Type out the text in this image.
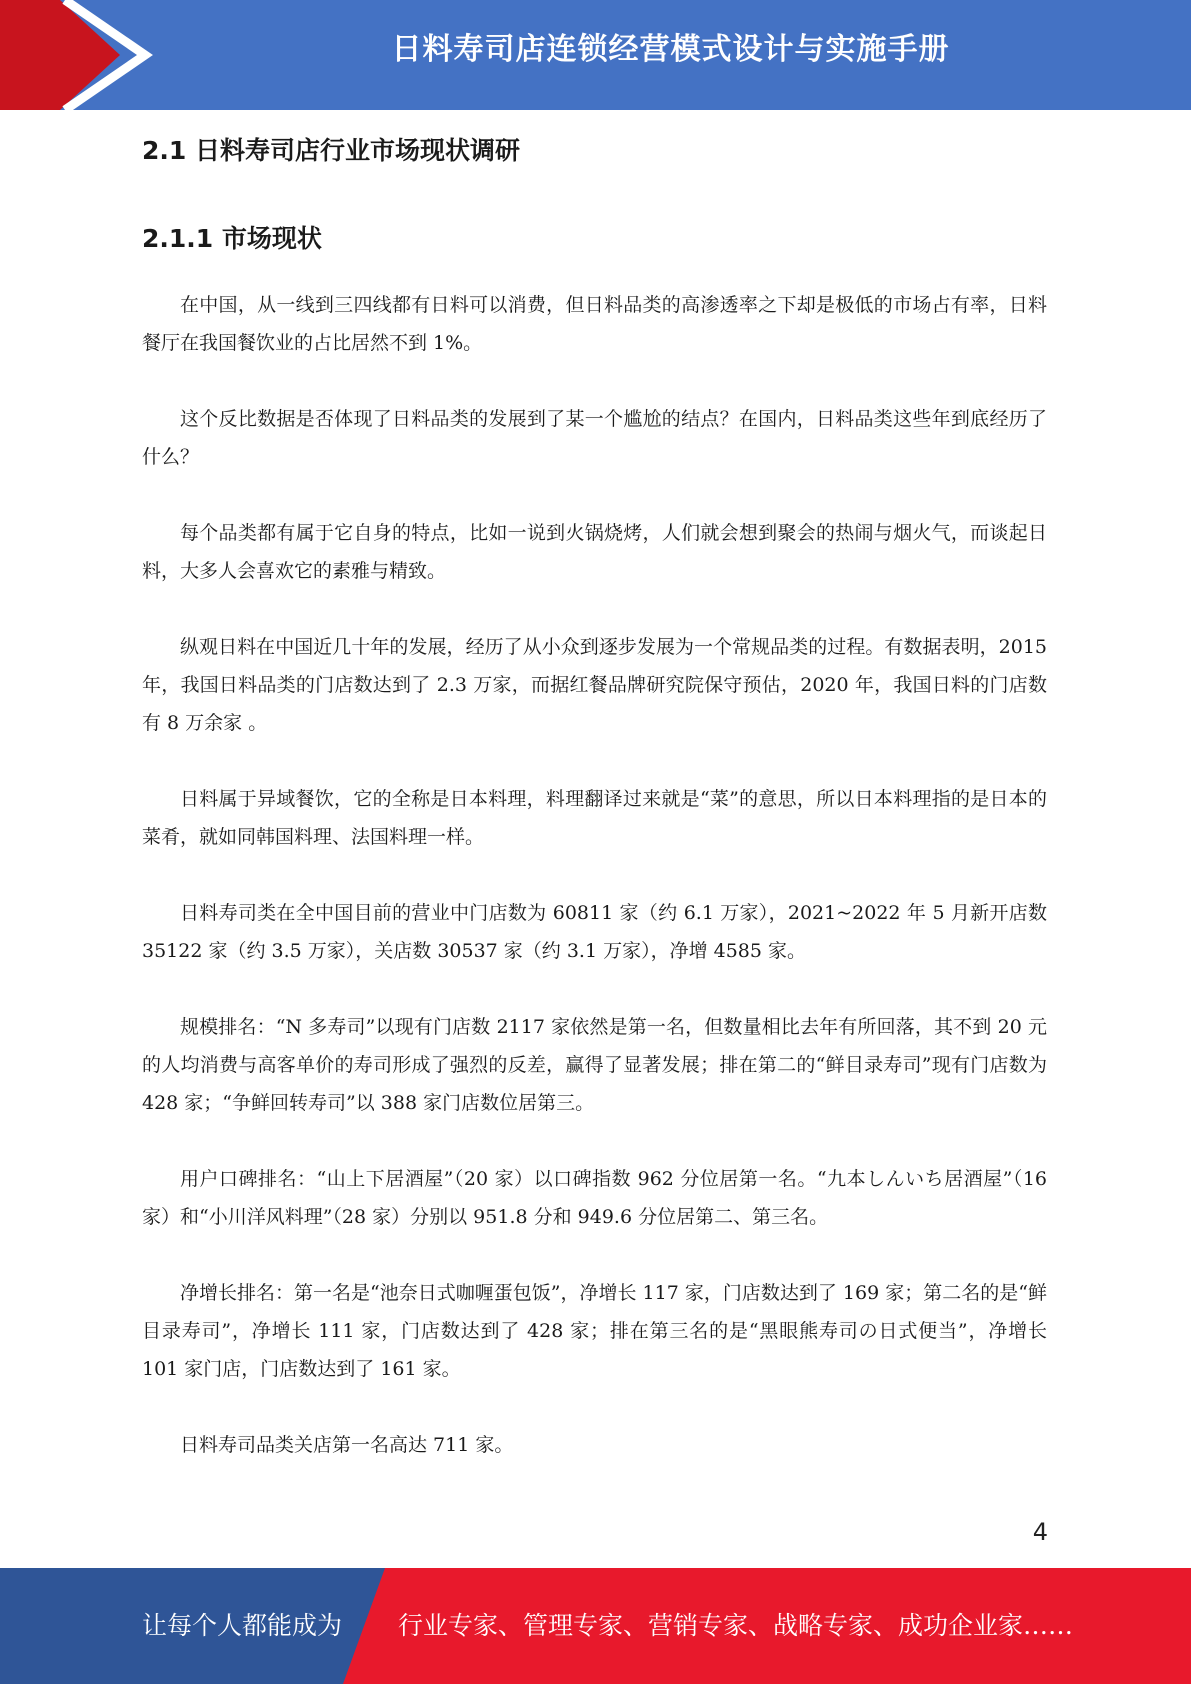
日料寿司店连锁经营模式设计与实施手册
2.1 日料寿司店行业市场现状调研
2.1.1 市场现状

在中国，从一线到三四线都有日料可以消费，但日料品类的高渗透率之下却是极低的市场占有率，日料餐厅在我国餐饮业的占比居然不到 1%。

这个反比数据是否体现了日料品类的发展到了某一个尴尬的结点？在国内，日料品类这些年到底经历了什么？

每个品类都有属于它自身的特点，比如一说到火锅烧烤，人们就会想到聚会的热闹与烟火气，而谈起日料，大多人会喜欢它的素雅与精致。

纵观日料在中国近几十年的发展，经历了从小众到逐步发展为一个常规品类的过程。有数据表明，2015 年，我国日料品类的门店数达到了 2.3 万家，而据红餐品牌研究院保守预估，2020 年，我国日料的门店数有 8 万余家 。

日料属于异域餐饮，它的全称是日本料理，料理翻译过来就是“菜”的意思，所以日本料理指的是日本的菜肴，就如同韩国料理、法国料理一样。

日料寿司类在全中国目前的营业中门店数为 60811 家（约 6.1 万家），2021~2022 年 5 月新开店数 35122 家（约 3.5 万家），关店数 30537 家（约 3.1 万家），净增 4585 家。

规模排名：“N 多寿司”以现有门店数 2117 家依然是第一名，但数量相比去年有所回落，其不到 20 元的人均消费与高客单价的寿司形成了强烈的反差，赢得了显著发展；排在第二的“鲜目录寿司”现有门店数为 428 家；“争鲜回转寿司”以 388 家门店数位居第三。

用户口碑排名：“山上下居酒屋”（20 家）以口碑指数 962 分位居第一名。“九本しんいち居酒屋”（16 家）和“小川洋风料理”（28 家）分别以 951.8 分和 949.6 分位居第二、第三名。

净增长排名：第一名是“池奈日式咖喱蛋包饭”，净增长 117 家，门店数达到了 169 家；第二名的是“鲜目录寿司”，净增长 111 家，门店数达到了 428 家；排在第三名的是“黑眼熊寿司の日式便当”，净增长 101 家门店，门店数达到了 161 家。

日料寿司品类关店第一名高达 711 家。

4
让每个人都能成为 行业专家、管理专家、营销专家、战略专家、成功企业家……
